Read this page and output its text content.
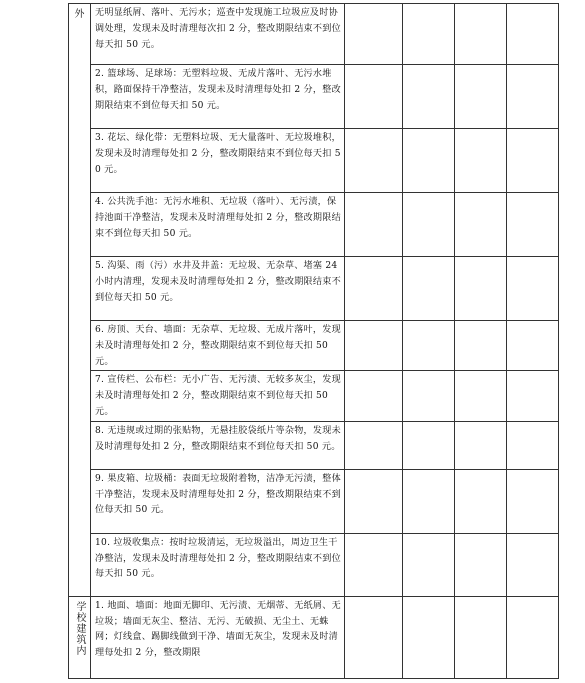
外	无明显纸屑、落叶、无污水；巡查中发现施工垃圾应及时协调处理，发现未及时清理每次扣 2 分，整改期限结束不到位每天扣 50 元。				

	2. 篮球场、足球场：无塑料垃圾、无成片落叶、无污水堆积，路面保持干净整洁，发现未及时清理每处扣 2 分，整改期限结束不到位每天扣 50 元。				

	3. 花坛、绿化带：无塑料垃圾、无大量落叶、无垃圾堆积，发现未及时清理每处扣 2 分，整改期限结束不到位每天扣 50 元。				

	4. 公共洗手池：无污水堆积、无垃圾（落叶）、无污渍，保持池面干净整洁，发现未及时清理每处扣 2 分，整改期限结束不到位每天扣 50 元。				

	5. 沟渠、雨（污）水井及井盖：无垃圾、无杂草、堵塞 24 小时内清理，发现未及时清理每处扣 2 分，整改期限结束不到位每天扣 50 元。				

	6. 房顶、天台、墙面：无杂草、无垃圾、无成片落叶，发现未及时清理每处扣 2 分，整改期限结束不到位每天扣 50 元。				

	7. 宣传栏、公布栏：无小广告、无污渍、无较多灰尘，发现未及时清理每处扣 2 分，整改期限结束不到位每天扣 50 元。				

	8. 无违规或过期的张贴物，无悬挂胶袋纸片等杂物，发现未及时清理每处扣 2 分，整改期限结束不到位每天扣 50 元。				

	9. 果皮箱、垃圾桶：表面无垃圾附着物，洁净无污渍，整体干净整洁，发现未及时清理每处扣 2 分，整改期限结束不到位每天扣 50 元。				

	10. 垃圾收集点：按时垃圾清运，无垃圾溢出，周边卫生干净整洁，发现未及时清理每处扣 2 分，整改期限结束不到位每天扣 50 元。				

学校建筑内	1. 地面、墙面：地面无脚印、无污渍、无烟蒂、无纸屑、无垃圾；墙面无灰尘、整洁、无污、无破损、无尘土、无蛛网；灯线盒、踢脚线做到干净、墙面无灰尘，发现未及时清理每处扣 2 分，整改期限				
